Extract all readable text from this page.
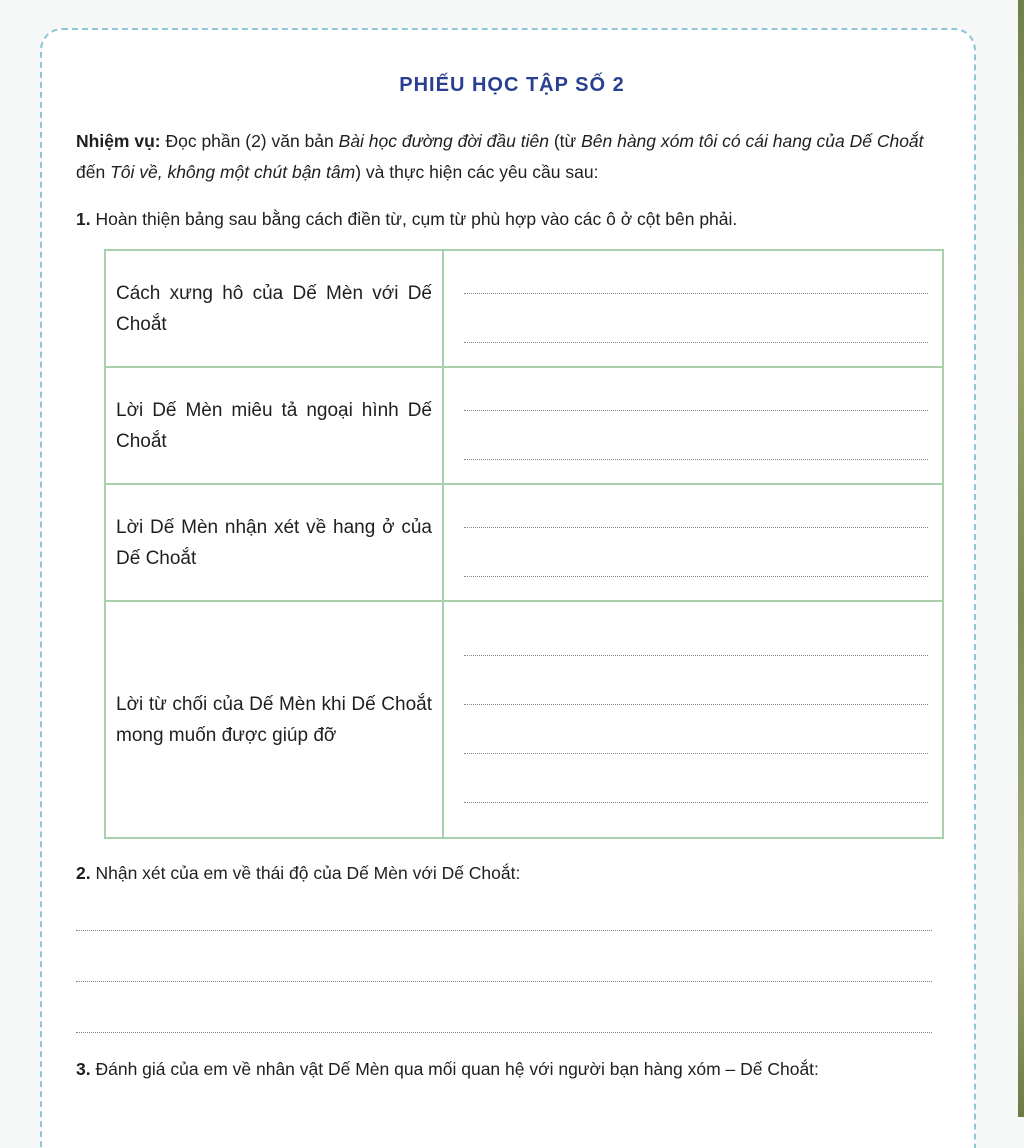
PHIẾU HỌC TẬP SỐ 2

Nhiệm vụ: Đọc phần (2) văn bản Bài học đường đời đầu tiên (từ Bên hàng xóm tôi có cái hang của Dế Choắt đến Tôi về, không một chút bận tâm) và thực hiện các yêu cầu sau:

1. Hoàn thiện bảng sau bằng cách điền từ, cụm từ phù hợp vào các ô ở cột bên phải.

Cách xưng hô của Dế Mèn với Dế Choắt	

Lời Dế Mèn miêu tả ngoại hình Dế Choắt	

Lời Dế Mèn nhận xét về hang ở của Dế Choắt	

Lời từ chối của Dế Mèn khi Dế Choắt mong muốn được giúp đỡ	

2. Nhận xét của em về thái độ của Dế Mèn với Dế Choắt:

3. Đánh giá của em về nhân vật Dế Mèn qua mối quan hệ với người bạn hàng xóm – Dế Choắt:
